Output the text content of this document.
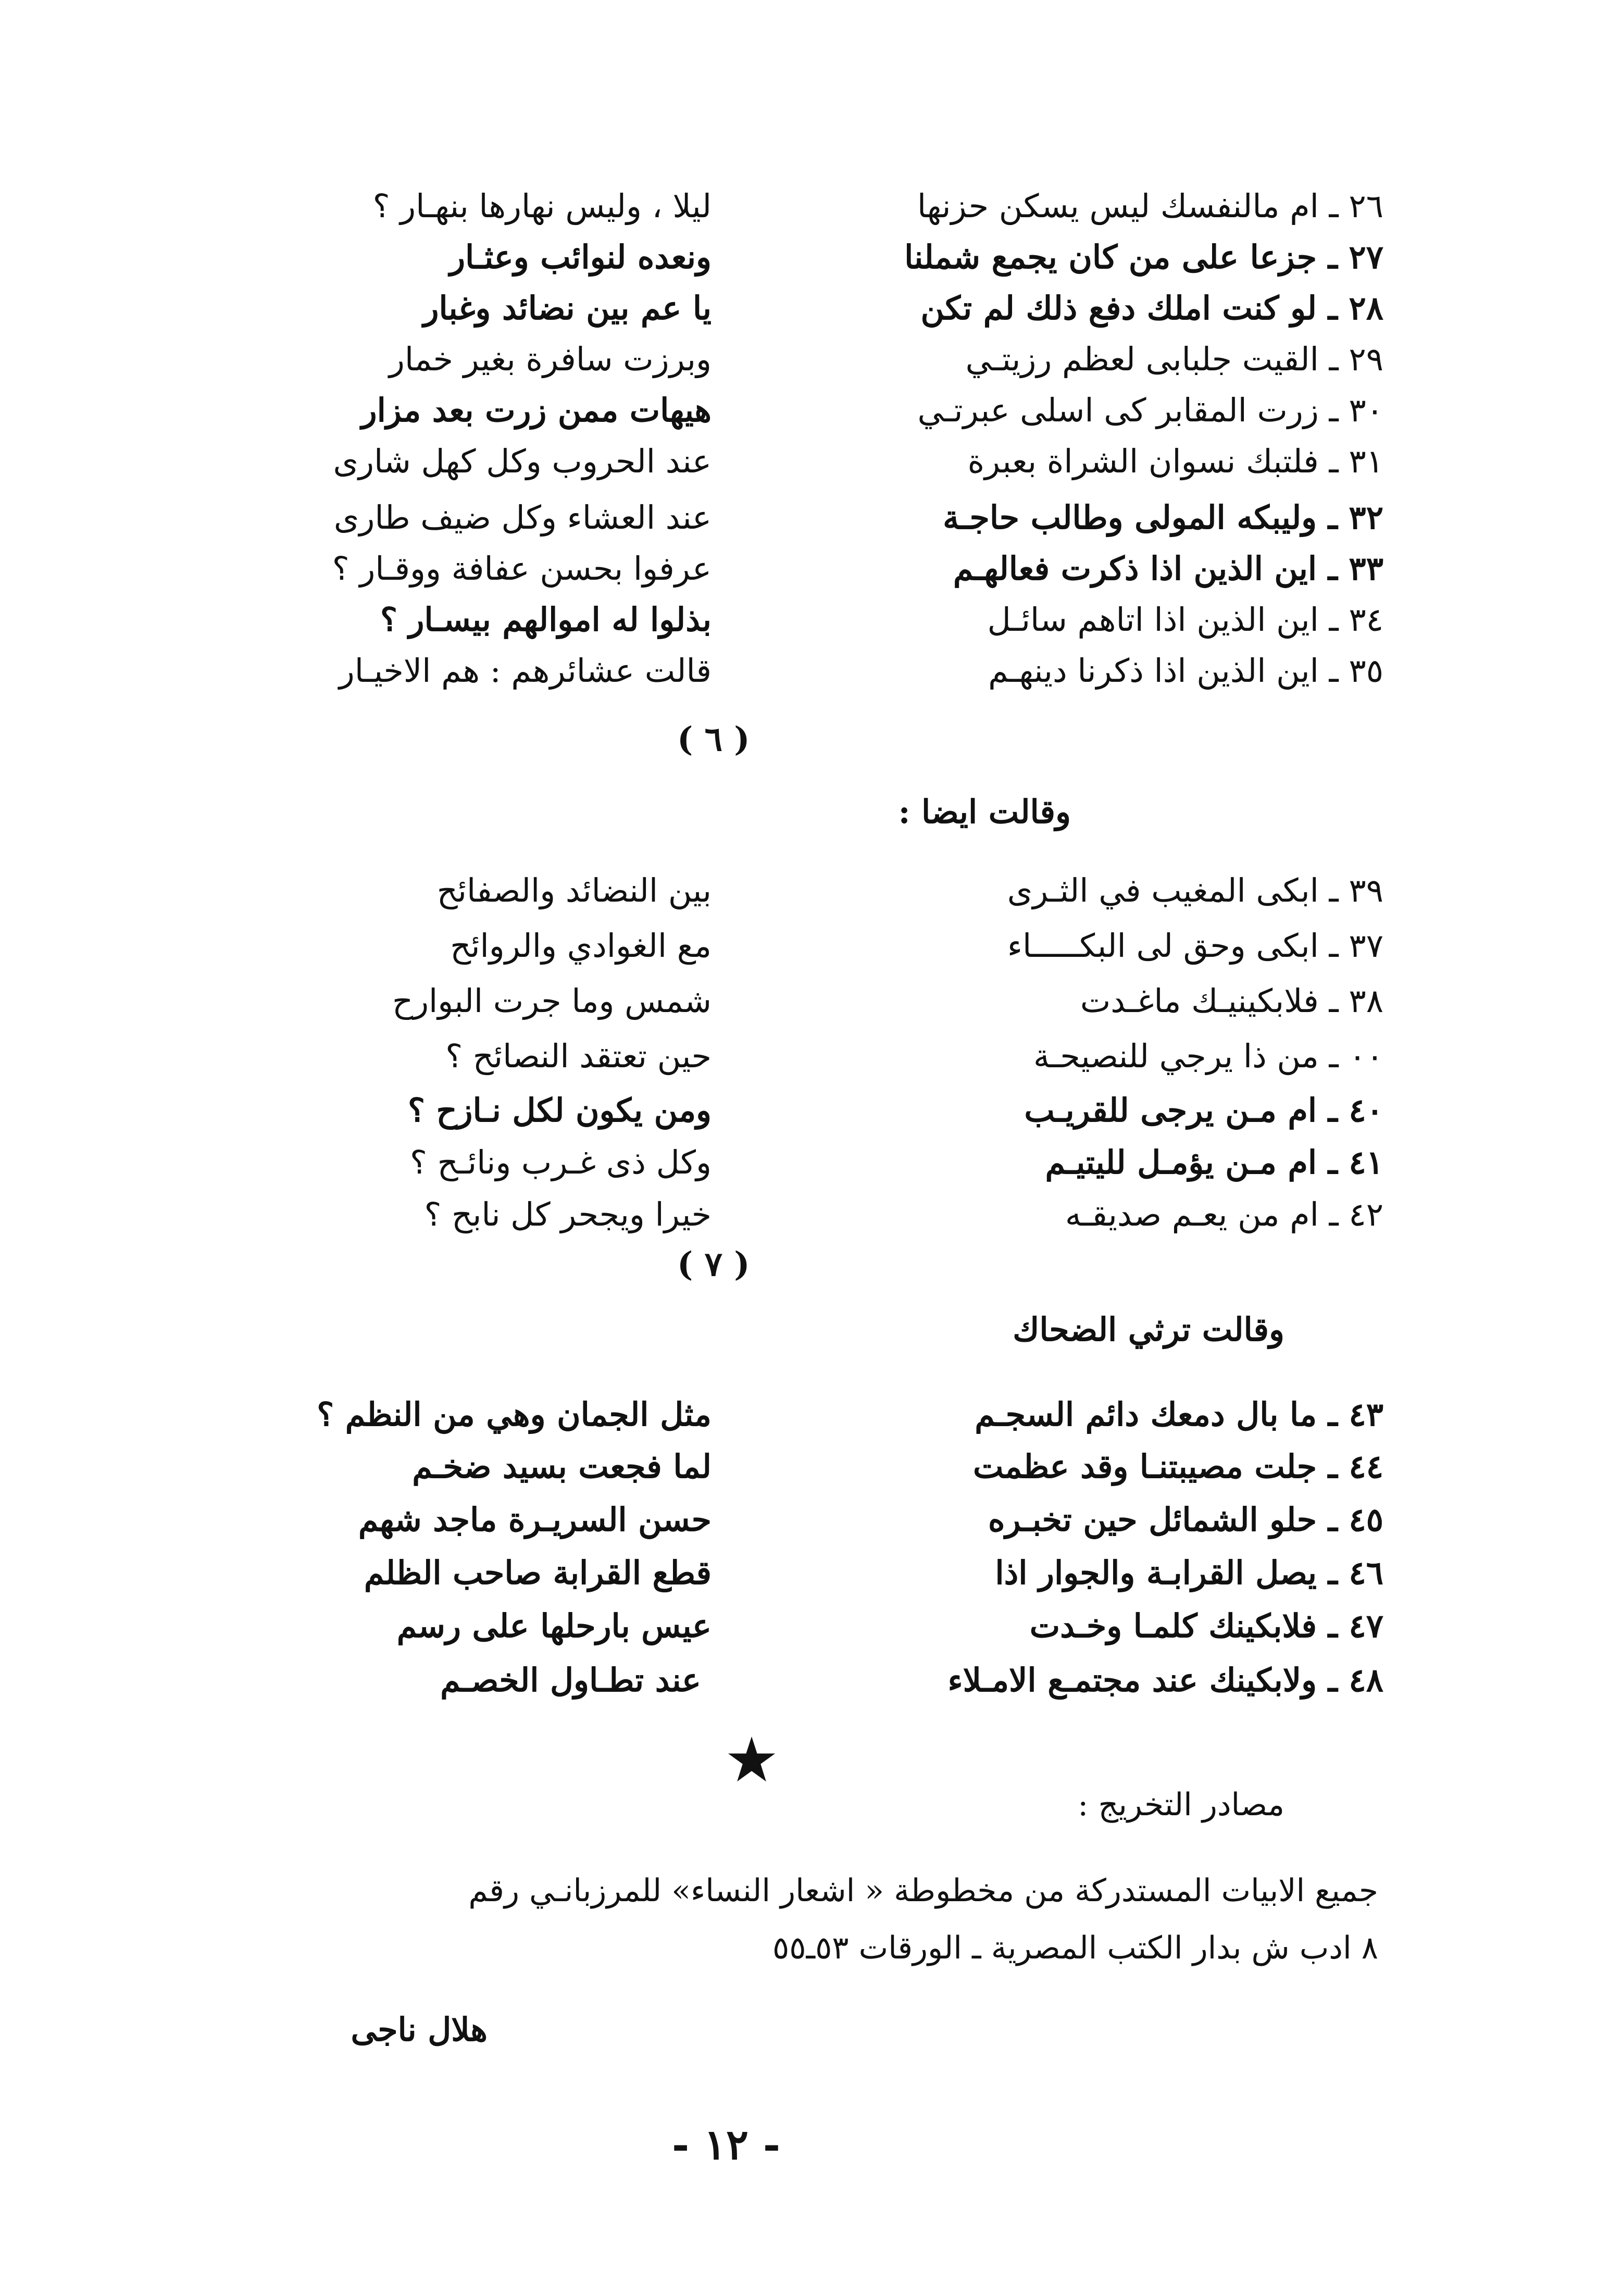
٢٦ ـ ام مالنفسك ليس يسكن حزنها
ليلا ، وليس نهارها بنهـار ؟
٢٧ ـ جزعا على من كان يجمع شملنا
ونعده لنوائب وعثـار
٢٨ ـ لو كنت املك دفع ذلك لم تكن
يا عم بين نضائد وغبار
٢٩ ـ القيت جلبابى لعظم رزيتـي
وبرزت سافرة بغير خمار
٣٠ ـ زرت المقابر كى اسلى عبرتـي
هيهات ممن زرت بعد مزار
٣١ ـ فلتبك نسوان الشراة بعبرة
عند الحروب وكل كهل شارى
٣٢ ـ وليبكه المولى وطالب حاجـة
عند العشاء وكل ضيف طارى
٣٣ ـ اين الذين اذا ذكرت فعالهـم
عرفوا بحسن عفافة ووقـار ؟
٣٤ ـ اين الذين اذا اتاهم سائـل
بذلوا له اموالهم بيسـار ؟
٣٥ ـ اين الذين اذا ذكرنا دينهـم
قالت عشائرهم : هم الاخيـار
( ٦ )
وقالت ايضا :
٣٩ ـ ابكى المغيب في الثـرى
بين النضائد والصفائح
٣٧ ـ ابكى وحق لى البكـــــاء
مع الغوادي والروائح
٣٨ ـ فلابكينيـك ماغـدت
شمس وما جرت البوارح
٠٠ ـ من ذا يرجي للنصيحـة
حين تعتقد النصائح ؟
٤٠ ـ ام مـن يرجى للقريـب
ومن يكون لكل نـازح ؟
٤١ ـ ام مـن يؤمـل لليتيـم
وكل ذى غـرب ونائـح ؟
٤٢ ـ ام من يعـم صديقـه
خيرا ويجحر كل نابح ؟
( ٧ )
وقالت ترثي الضحاك
٤٣ ـ ما بال دمعك دائم السجـم
مثل الجمان وهي من النظم ؟
٤٤ ـ جلت مصيبتنـا وقد عظمت
لما فجعت بسيد ضخـم
٤٥ ـ حلو الشمائل حين تخبـره
حسن السريـرة ماجد شهم
٤٦ ـ يصل القرابـة والجوار اذا
قطع القرابة صاحب الظلم
٤٧ ـ فلابكينك كلمـا وخـدت
عيس بارحلها على رسم
٤٨ ـ ولابكينك عند مجتمـع الامـلاء
عند تطـاول الخصـم
مصادر التخريج :
جميع الابيات المستدركة من مخطوطة « اشعار النساء» للمرزبانـي رقم
٨ ادب ش بدار الكتب المصرية ـ الورقات ٥٣ـ٥٥
هلال ناجى
- ١٢ -
